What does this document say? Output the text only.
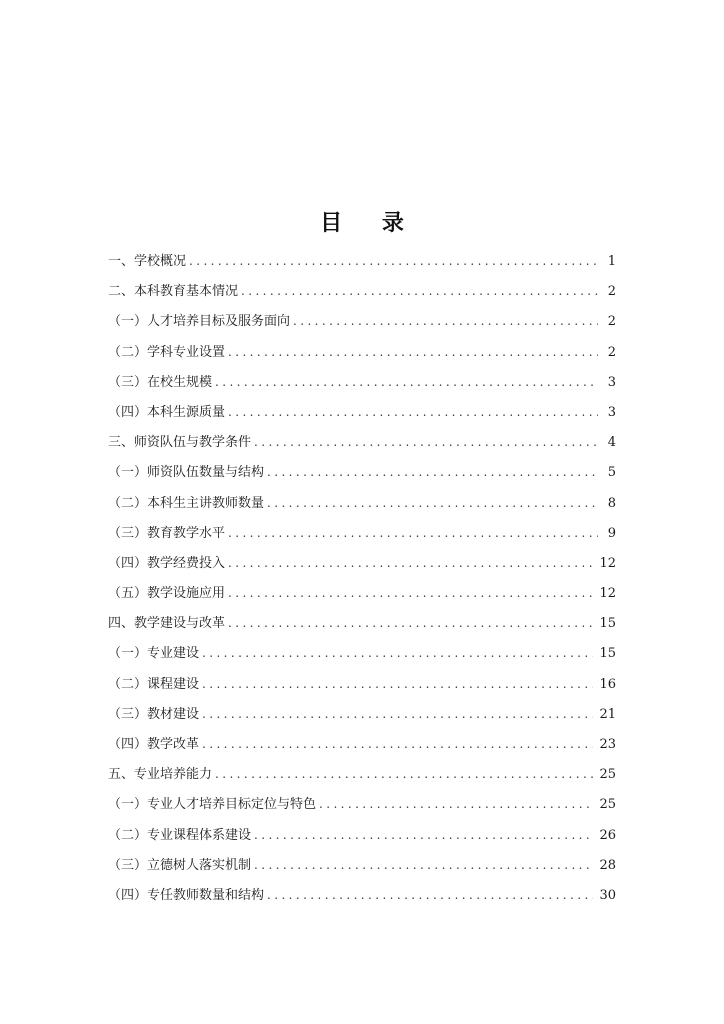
目 录
一、学校概况 .....	1
二、本科教育基本情况 .....	2
（一）人才培养目标及服务面向 .....	2
（二）学科专业设置 .....	2
（三）在校生规模 .....	3
（四）本科生源质量 .....	3
三、师资队伍与教学条件 .....	4
（一）师资队伍数量与结构 .....	5
（二）本科生主讲教师数量 .....	8
（三）教育教学水平 .....	9
（四）教学经费投入 .....	12
（五）教学设施应用 .....	12
四、教学建设与改革 .....	15
（一）专业建设 .....	15
（二）课程建设 .....	16
（三）教材建设 .....	21
（四）教学改革 .....	23
五、专业培养能力 .....	25
（一）专业人才培养目标定位与特色 .....	25
（二）专业课程体系建设 .....	26
（三）立德树人落实机制 .....	28
（四）专任教师数量和结构 .....	30
